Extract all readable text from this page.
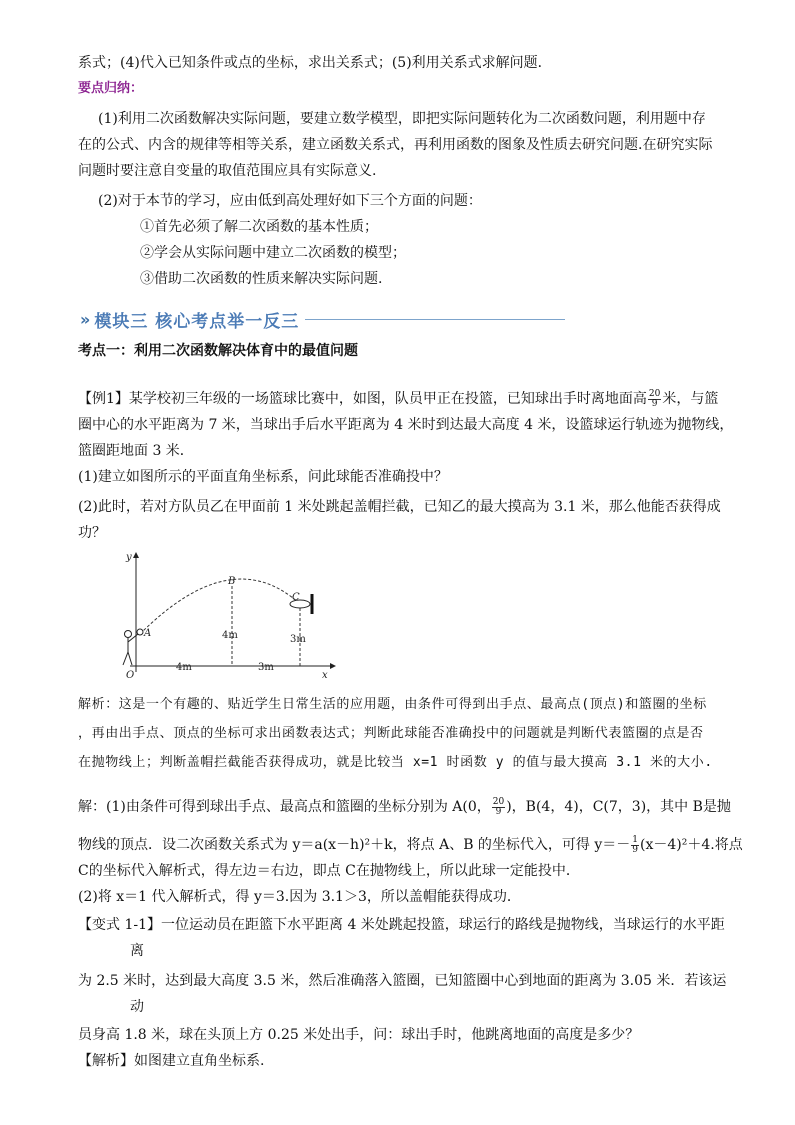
系式；(4)代入已知条件或点的坐标，求出关系式；(5)利用关系式求解问题．
要点归纳：
(1)利用二次函数解决实际问题，要建立数学模型，即把实际问题转化为二次函数问题，利用题中存
在的公式、内含的规律等相等关系，建立函数关系式，再利用函数的图象及性质去研究问题.在研究实际
问题时要注意自变量的取值范围应具有实际意义.
(2)对于本节的学习，应由低到高处理好如下三个方面的问题：
①首先必须了解二次函数的基本性质；
②学会从实际问题中建立二次函数的模型；
③借助二次函数的性质来解决实际问题.
» 模块三 核心考点举一反三
考点一：利用二次函数解决体育中的最值问题
【例1】某学校初三年级的一场篮球比赛中，如图，队员甲正在投篮，已知球出手时离地面高 $\frac{20}{9}$ 米，与篮
圈中心的水平距离为 7 米，当球出手后水平距离为 4 米时到达最大高度 4 米，设篮球运行轨迹为抛物线，
篮圈距地面 3 米．
(1)建立如图所示的平面直角坐标系，问此球能否准确投中？
(2)此时，若对方队员乙在甲面前 1 米处跳起盖帽拦截，已知乙的最大摸高为 3.1 米，那么他能否获得成
功？
y
x
O
A
B
4m
C
3m
4m	3m
解析：这是一个有趣的、贴近学生日常生活的应用题，由条件可得到出手点、最高点(顶点)和篮圈的坐标
，再由出手点、顶点的坐标可求出函数表达式；判断此球能否准确投中的问题就是判断代表篮圈的点是否
在抛物线上；判断盖帽拦截能否获得成功，就是比较当 x=1 时函数 y 的值与最大摸高 3.1 米的大小.
解：(1)由条件可得到球出手点、最高点和篮圈的坐标分别为 A(0， $\frac{20}{9}$ )，B(4，4)，C(7，3)，其中 B是抛
物线的顶点．设二次函数关系式为 y＝a(x－h)²＋k，将点 A、B 的坐标代入，可得 $y=- \frac{1}{9} (x-4)^2+4$.将点
C的坐标代入解析式，得左边＝右边，即点 C在抛物线上，所以此球一定能投中．
(2)将 x＝1 代入解析式，得 y＝3.因为 3.1＞3，所以盖帽能获得成功．
【变式 1-1】一位运动员在距篮下水平距离 4 米处跳起投篮，球运行的路线是抛物线，当球运行的水平距
离
为 2.5 米时，达到最大高度 3.5 米，然后准确落入篮圈，已知篮圈中心到地面的距离为 3.05 米．若该运
动
员身高 1.8 米，球在头顶上方 0.25 米处出手，问：球出手时，他跳离地面的高度是多少？
【解析】如图建立直角坐标系.
